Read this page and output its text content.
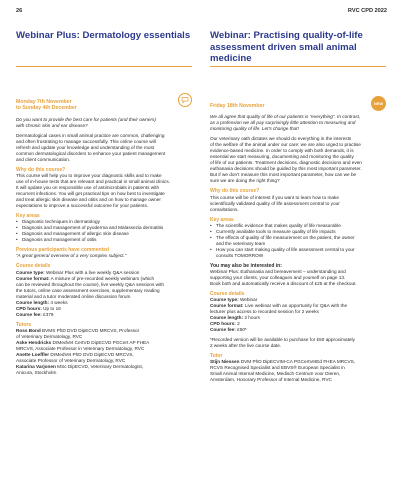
26	RVC CPD 2022
Webinar Plus: Dermatology essentials
Monday 7th November
to Sunday 4th December
Do you want to provide the best care for patients (and their owners)
with chronic skin and ear disease?
Dermatological cases in small animal practice are common, challenging
and often frustrating to manage successfully. This online course will
refresh and update your knowledge and understanding of the most
common dermatological disorders to enhance your patient management
and client communication.
Why do this course?
This course will help you to improve your diagnostic skills and to make
use of in-house tests that are relevant and practical in small animal clinics.
It will update you on responsible use of antimicrobials in patients with
recurrent infections. You will get practical tips on how best to investigate
and treat allergic skin disease and otitis and on how to manage owner
expectations to improve a successful outcome for your patients.
Key areas
• Diagnostic techniques in dermatology
• Diagnosis and management of pyoderma and Malassezia dermatitis
• Diagnosis and management of allergic skin disease
• Diagnosis and management of otitis
Previous participants have commented
“A great general overview of a very complex subject.”
Course details
Course type: Webinar Plus with a live weekly Q&A session
Course format: A mixture of pre-recorded weekly webinars (which
can be reviewed throughout the course), live weekly Q&A sessions with
the tutors, online case assessment exercises, supplementary reading
material and a tutor moderated online discussion forum
Course length: 4 weeks
CPD hours: Up to 16
Course fee: £379
Tutors
Ross Bond BVMS PhD DVD DipECVD MRCVS, Professor
of Veterinary Dermatology, RVC
Aske Hendricks DrMedVet CertVD DipECVD PGCert AP FHEA
MRCVS, Associate Professor in Veterinary Dermatology, RVC
Anette Loeffler DrMedVet PhD DVD DipECVD MRCVS,
Associate Professor of Veterinary Dermatology, RVC
Katarina Varjonen MSc DipECVD, Veterinary Dermatologist,
Anicura, Stockholm
Webinar: Practising quality-of-life
assessment driven small animal medicine
Friday 18th November	NEW
We all agree that quality of life of our patients is “everything”. In contrast,
as a profession we all pay surprisingly little attention to measuring and
monitoring quality of life. Let’s change that!
Our veterinary oath dictates we should do everything in the interests
of the welfare of the animal under our care: we are also urged to practise
evidence-based medicine. In order to comply with both demands, it is
essential we start measuring, documenting and monitoring the quality
of life of our patients. Treatment decisions, diagnostic decisions and even
euthanasia decisions should be guided by this most important parameter.
But if we don’t measure this most important parameter, how can we be
sure we are doing the right thing?
Why do this course?
This course will be of interest if you want to learn how to make
scientifically validated quality of life assessment central to your
consultations.
Key areas
• The scientific evidence that makes quality of life measurable
• Currently available tools to measure quality of life impacts
• The effects of quality of life measurement on the patient, the owner
and the veterinary team
• How you can start making quality of life assessment central to your
consults TOMORROW
You may also be interested in:
Webinar Plus: Euthanasia and bereavement – understanding and
supporting your clients, your colleagues and yourself on page 13.
Book both and automatically receive a discount of £25 at the checkout.
Course details
Course type: Webinar
Course format: Live webinar with an opportunity for Q&A with the
lecturer plus access to recorded session for 2 weeks
Course length: 2 hours
CPD hours: 2
Course fee: £50*
*Recorded version will be available to purchase for £50 approximately
2 weeks after the live course date.
Tutor
Stijn Niessen DVM PhD DipECVIM-CA PGCertVetEd FHEA MRCVS,
RCVS Recognised Specialist and EBVS® European Specialist in
Small Animal Internal Medicine, Medisch Centrum voor Dieren,
Amsterdam, Honorary Professor of Internal Medicine, RVC
